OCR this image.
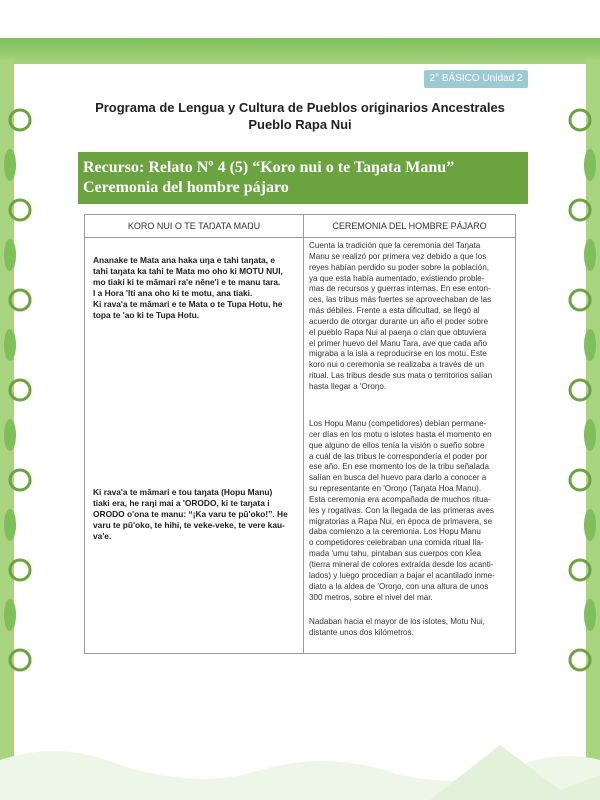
2° BÁSICO Unidad 2
Programa de Lengua y Cultura de Pueblos originarios Ancestrales
Pueblo Rapa Nui
Recurso: Relato Nº 4 (5) “Koro nui o te Taŋata Manu”
Ceremonia del hombre pájaro
KORO NUI O TE TAŊATA MAŊU	CEREMONIA DEL HOMBRE PÁJARO
Ananake te Mata ana haka uŋa e tahi taŋata, e
tahi taŋata ka tahi te Mata mo oho ki MOTU NUI,
mo tiaki ki te māmari ra'e nēne'i e te manu tara.
I a Hora 'Iti ana oho ki te motu, ana tiaki.
Ki rava'a te māmari e te Mata o te Tupa Hotu, he
topa te 'ao ki te Tupa Hotu.
Ki rava'a te māmari e tou taŋata (Hopu Manu)
tiaki era, he raŋi mai a 'ORODO, ki te taŋata i
ORODO o'ona te manu: “¡Ka varu te pū'oko!”. He
varu te pū'oko, te hihi, te veke-veke, te vere kau-
va'e.
Cuenta la tradición que la ceremonia del Taŋata
Manu se realizó por primera vez debido a que los
reyes habían perdido su poder sobre la población,
ya que esta había aumentado, existiendo proble-
mas de recursos y guerras internas. En ese enton-
ces, las tribus más fuertes se aprovechaban de las
más débiles. Frente a esta dificultad, se llegó al
acuerdo de otorgar durante un año el poder sobre
el pueblo Rapa Nui al paeŋa o clan que obtuviera
el primer huevo del Manu Tara, ave que cada año
migraba a la isla a reproducirse en los motu. Este
koro nui o ceremonia se realizaba a través de un
ritual. Las tribus desde sus mata o territorios salían
hasta llegar a 'Oroŋo.
Los Hopu Manu (competidores) debían permane-
cer días en los motu o islotes hasta el momento en
que alguno de ellos tenía la visión o sueño sobre
a cuál de las tribus le correspondería el poder por
ese año. En ese momento los de la tribu señalada
salían en busca del huevo para darlo a conocer a
su representante en 'Oroŋo (Taŋata Hoa Manu).
Esta ceremonia era acompañada de muchos ritua-
les y rogativas. Con la llegada de las primeras aves
migratorias a Rapa Nui, en época de primavera, se
daba comienzo a la ceremonia. Los Hopu Manu
o competidores celebraban una comida ritual lla-
mada 'umu tahu, pintaban sus cuerpos con kī̄ea
(tierra mineral de colores extraída desde los acanti-
lados) y luego procedían a bajar el acantilado inme-
diato a la aldea de 'Oroŋo, con una altura de unos
300 metros, sobre el nivel del mar.
Nadaban hacia el mayor de los islotes, Motu Nui,
distante unos dos kilómetros.
